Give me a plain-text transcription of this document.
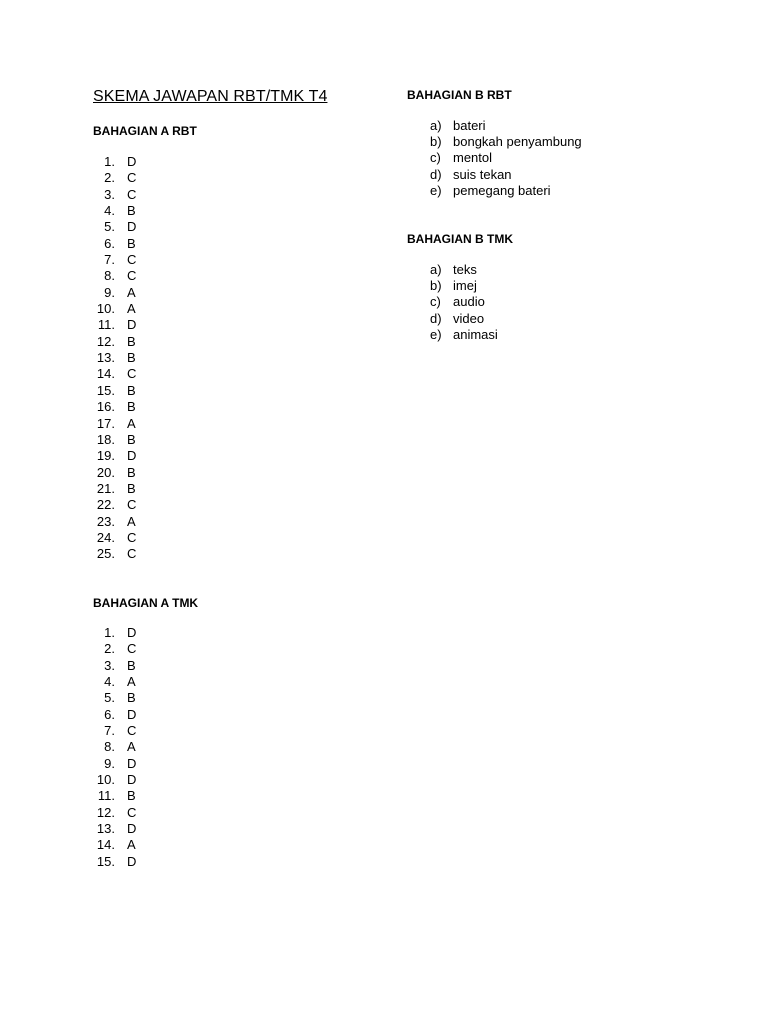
SKEMA JAWAPAN RBT/TMK T4
BAHAGIAN A RBT
1. D
2. C
3. C
4. B
5. D
6. B
7. C
8. C
9. A
10. A
11. D
12. B
13. B
14. C
15. B
16. B
17. A
18. B
19. D
20. B
21. B
22. C
23. A
24. C
25. C
BAHAGIAN A TMK
1. D
2. C
3. B
4. A
5. B
6. D
7. C
8. A
9. D
10. D
11. B
12. C
13. D
14. A
15. D
BAHAGIAN B RBT
a) bateri
b) bongkah penyambung
c) mentol
d) suis tekan
e) pemegang bateri
BAHAGIAN B TMK
a) teks
b) imej
c) audio
d) video
e) animasi
